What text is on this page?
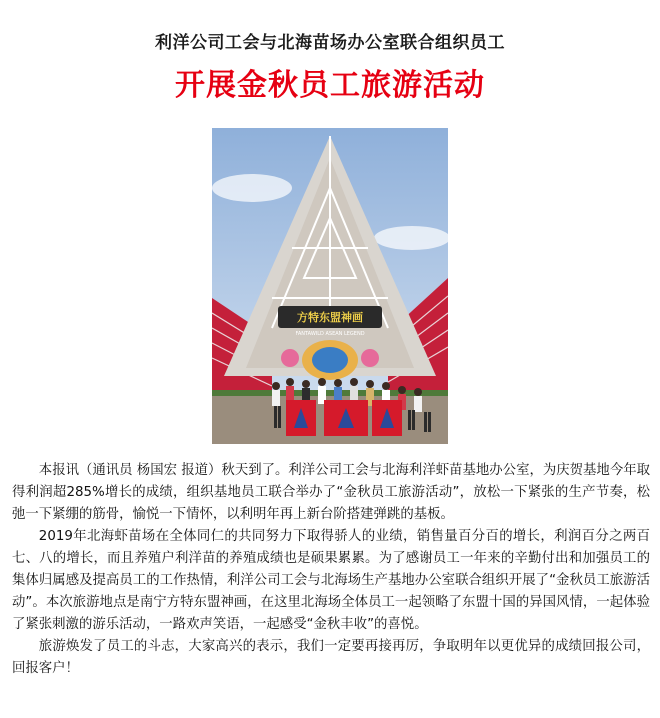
利洋公司工会与北海苗场办公室联合组织员工
开展金秋员工旅游活动
方特东盟神画
FANTAWILD ASEAN LEGEND

本报讯（通讯员 杨国宏 报道）秋天到了。利洋公司工会与北海利洋虾苗基地办公室，为庆贺基地今年取得利润超285%增长的成绩，组织基地员工联合举办了“金秋员工旅游活动”，放松一下紧张的生产节奏，松弛一下紧绷的筋骨，愉悦一下情怀，以利明年再上新台阶搭建弹跳的基板。

2019年北海虾苗场在全体同仁的共同努力下取得骄人的业绩，销售量百分百的增长，利润百分之两百七、八的增长，而且养殖户利洋苗的养殖成绩也是硕果累累。为了感谢员工一年来的辛勤付出和加强员工的集体归属感及提高员工的工作热情，利洋公司工会与北海场生产基地办公室联合组织开展了“金秋员工旅游活动”。本次旅游地点是南宁方特东盟神画，在这里北海场全体员工一起领略了东盟十国的异国风情，一起体验了紧张刺激的游乐活动，一路欢声笑语，一起感受“金秋丰收”的喜悦。

旅游焕发了员工的斗志，大家高兴的表示，我们一定要再接再厉，争取明年以更优异的成绩回报公司，回报客户！
